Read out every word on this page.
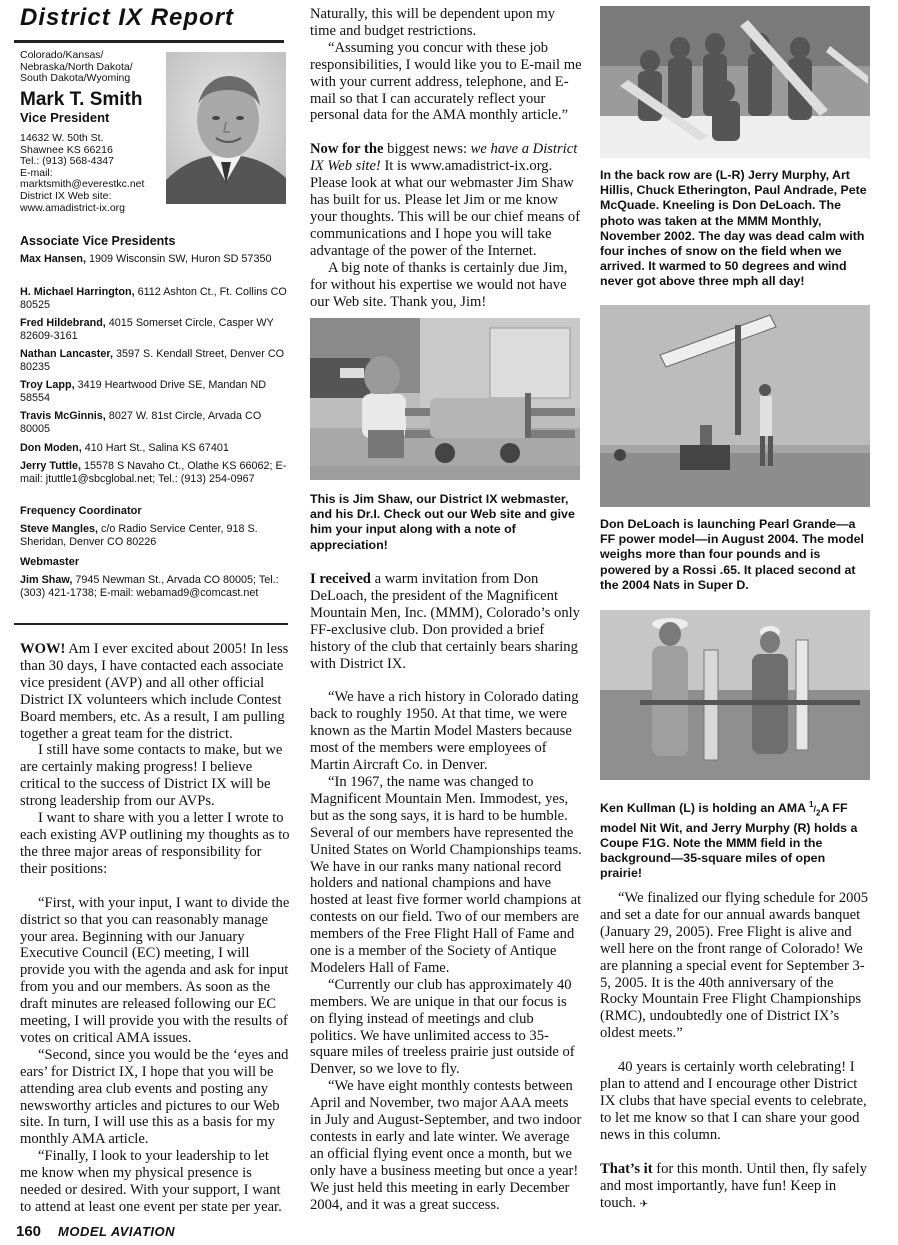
District IX Report
Colorado/Kansas/ Nebraska/North Dakota/ South Dakota/Wyoming
Mark T. Smith
Vice President
14632 W. 50th St.
Shawnee KS 66216
Tel.: (913) 568-4347
E-mail:
marktsmith@everestkc.net
District IX Web site:
www.amadistrict-ix.org
Associate Vice Presidents
Max Hansen, 1909 Wisconsin SW, Huron SD 57350
H. Michael Harrington, 6112 Ashton Ct., Ft. Collins CO 80525
Fred Hildebrand, 4015 Somerset Circle, Casper WY 82609-3161
Nathan Lancaster, 3597 S. Kendall Street, Denver CO 80235
Troy Lapp, 3419 Heartwood Drive SE, Mandan ND 58554
Travis McGinnis, 8027 W. 81st Circle, Arvada CO 80005
Don Moden, 410 Hart St., Salina KS 67401
Jerry Tuttle, 15578 S Navaho Ct., Olathe KS 66062; E-mail: jtuttle1@sbcglobal.net; Tel.: (913) 254-0967
Frequency Coordinator
Steve Mangles, c/o Radio Service Center, 918 S. Sheridan, Denver CO 80226
Webmaster
Jim Shaw, 7945 Newman St., Arvada CO 80005; Tel.: (303) 421-1738; E-mail: webamad9@comcast.net

WOW! Am I ever excited about 2005! In less than 30 days, I have contacted each associate vice president (AVP) and all other official District IX volunteers which include Contest Board members, etc. As a result, I am pulling together a great team for the district.

I still have some contacts to make, but we are certainly making progress! I believe critical to the success of District IX will be strong leadership from our AVPs.

I want to share with you a letter I wrote to each existing AVP outlining my thoughts as to the three major areas of responsibility for their positions:

“First, with your input, I want to divide the district so that you can reasonably manage your area. Beginning with our January Executive Council (EC) meeting, I will provide you with the agenda and ask for input from you and our members. As soon as the draft minutes are released following our EC meeting, I will provide you with the results of votes on critical AMA issues.

“Second, since you would be the ‘eyes and ears’ for District IX, I hope that you will be attending area club events and posting any newsworthy articles and pictures to our Web site. In turn, I will use this as a basis for my monthly AMA article.

“Finally, I look to your leadership to let me know when my physical presence is needed or desired. With your support, I want to attend at least one event per state per year.

Naturally, this will be dependent upon my time and budget restrictions.

“Assuming you concur with these job responsibilities, I would like you to E-mail me with your current address, telephone, and E-mail so that I can accurately reflect your personal data for the AMA monthly article.”

Now for the biggest news: we have a District IX Web site! It is www.amadistrict-ix.org. Please look at what our webmaster Jim Shaw has built for us. Please let Jim or me know your thoughts. This will be our chief means of communications and I hope you will take advantage of the power of the Internet.

A big note of thanks is certainly due Jim, for without his expertise we would not have our Web site. Thank you, Jim!

This is Jim Shaw, our District IX webmaster, and his Dr.I. Check out our Web site and give him your input along with a note of appreciation!

I received a warm invitation from Don DeLoach, the president of the Magnificent Mountain Men, Inc. (MMM), Colorado’s only FF-exclusive club. Don provided a brief history of the club that certainly bears sharing with District IX.

“We have a rich history in Colorado dating back to roughly 1950. At that time, we were known as the Martin Model Masters because most of the members were employees of Martin Aircraft Co. in Denver.

“In 1967, the name was changed to Magnificent Mountain Men. Immodest, yes, but as the song says, it is hard to be humble. Several of our members have represented the United States on World Championships teams. We have in our ranks many national record holders and national champions and have hosted at least five former world champions at contests on our field. Two of our members are members of the Free Flight Hall of Fame and one is a member of the Society of Antique Modelers Hall of Fame.

“Currently our club has approximately 40 members. We are unique in that our focus is on flying instead of meetings and club politics. We have unlimited access to 35-square miles of treeless prairie just outside of Denver, so we love to fly.

“We have eight monthly contests between April and November, two major AAA meets in July and August-September, and two indoor contests in early and late winter. We average an official flying event once a month, but we only have a business meeting but once a year! We just held this meeting in early December 2004, and it was a great success.

In the back row are (L-R) Jerry Murphy, Art Hillis, Chuck Etherington, Paul Andrade, Pete McQuade. Kneeling is Don DeLoach. The photo was taken at the MMM Monthly, November 2002. The day was dead calm with four inches of snow on the field when we arrived. It warmed to 50 degrees and wind never got above three mph all day!
Don DeLoach is launching Pearl Grande—a FF power model—in August 2004. The model weighs more than four pounds and is powered by a Rossi .65. It placed second at the 2004 Nats in Super D.
Ken Kullman (L) is holding an AMA $^1/_2A$ FF model Nit Wit, and Jerry Murphy (R) holds a Coupe F1G. Note the MMM field in the background—35-square miles of open prairie!

“We finalized our flying schedule for 2005 and set a date for our annual awards banquet (January 29, 2005). Free Flight is alive and well here on the front range of Colorado! We are planning a special event for September 3-5, 2005. It is the 40th anniversary of the Rocky Mountain Free Flight Championships (RMC), undoubtedly one of District IX’s oldest meets.”

40 years is certainly worth celebrating! I plan to attend and I encourage other District IX clubs that have special events to celebrate, to let me know so that I can share your good news in this column.

That’s it for this month. Until then, fly safely and most importantly, have fun! Keep in touch. ✈

160 MODEL AVIATION
